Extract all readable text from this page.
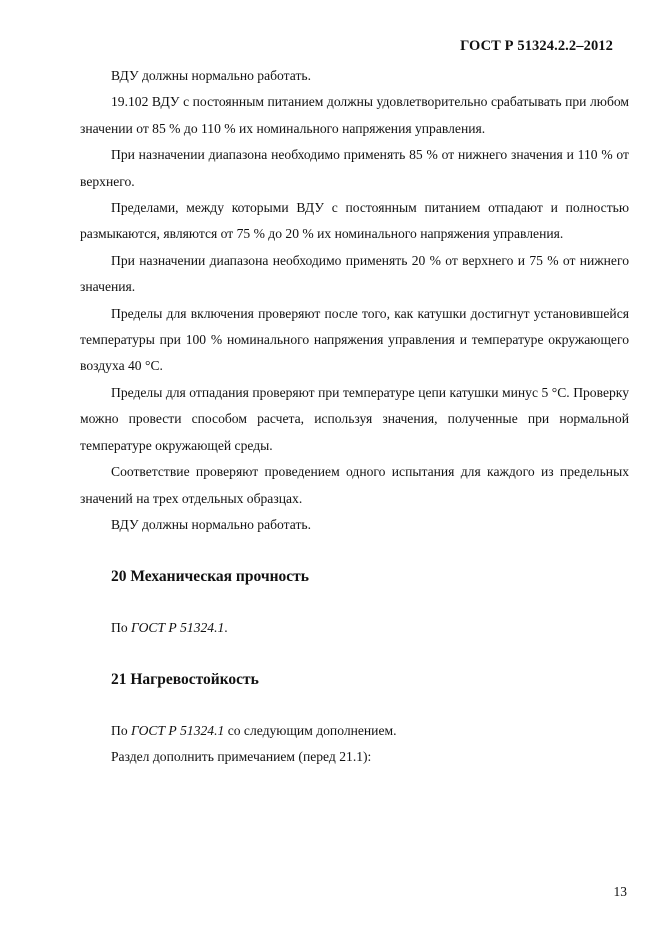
ГОСТ Р 51324.2.2–2012

ВДУ должны нормально работать.

19.102 ВДУ с постоянным питанием должны удовлетворительно срабатывать при любом значении от 85 % до 110 % их номинального напряжения управления.

При назначении диапазона необходимо применять 85 % от нижнего значения и 110 % от верхнего.

Пределами, между которыми ВДУ с постоянным питанием отпадают и полностью размыкаются, являются от 75 % до 20 % их номинального напряжения управления.

При назначении диапазона необходимо применять 20 % от верхнего и 75 % от нижнего значения.

Пределы для включения проверяют после того, как катушки достигнут установившейся температуры при 100 % номинального напряжения управления и температуре окружающего воздуха 40 °С.

Пределы для отпадания проверяют при температуре цепи катушки минус 5 °С. Проверку можно провести способом расчета, используя значения, полученные при нормальной температуре окружающей среды.

Соответствие проверяют проведением одного испытания для каждого из предельных значений на трех отдельных образцах.

ВДУ должны нормально работать.

20 Механическая прочность

По ГОСТ Р 51324.1.

21 Нагревостойкость

По ГОСТ Р 51324.1 со следующим дополнением.

Раздел дополнить примечанием (перед 21.1):

13
